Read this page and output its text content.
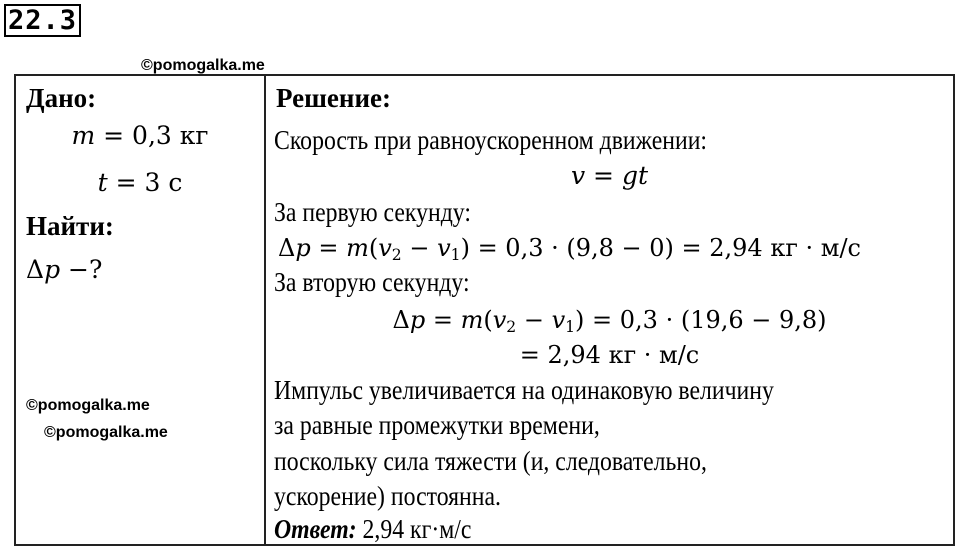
22.3
©pomogalka.me
Дано:
m = 0,3 кг
t = 3 с
Найти:
Δp −?
Решение:
Скорость при равноускоренном движении:
v = gt
За первую секунду:
$\Delta p = m(v_2 - v_1) = 0,3 \cdot (9,8 - 0) = 2,94$ кг · м/с
За вторую секунду:
$\Delta p = m(v_2 - v_1) = 0,3 \cdot (19,6 - 9,8)$
= 2,94 кг · м/с
Импульс увеличивается на одинаковую величину
за равные промежутки времени,
поскольку сила тяжести (и, следовательно,
ускорение) постоянна.
Ответ: 2,94 кг·м/с
©pomogalka.me
©pomogalka.me
